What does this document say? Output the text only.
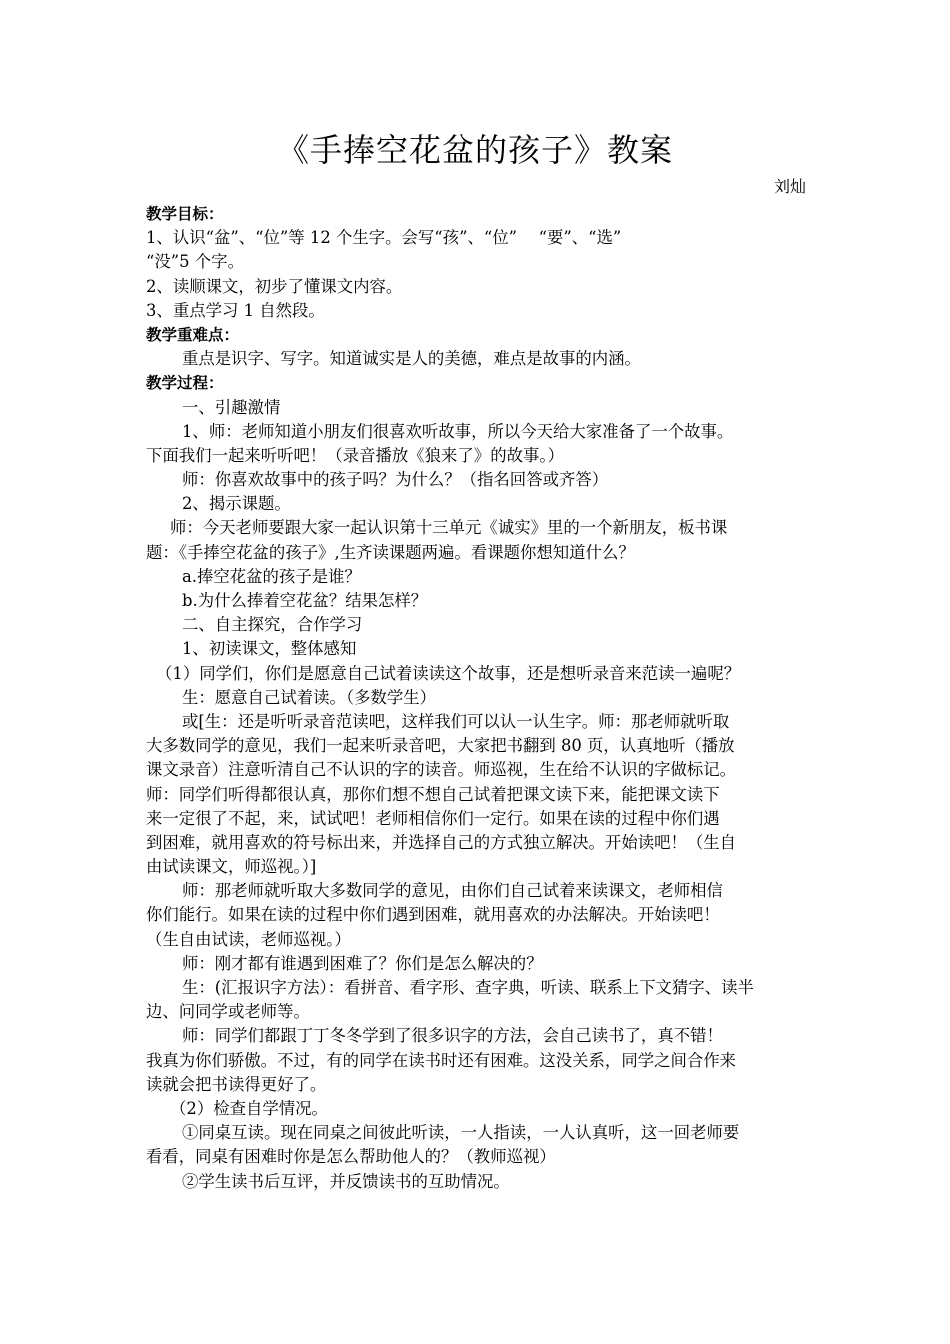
《手捧空花盆的孩子》教案
刘灿
教学目标：
1、认识“盆”、“位”等 12 个生字。会写“孩”、“位”　 “要”、“选”
“没”5 个字。
2、读顺课文，初步了懂课文内容。
3、重点学习 1 自然段。
教学重难点：
重点是识字、写字。知道诚实是人的美德，难点是故事的内涵。
教学过程：
一、引趣激情
1、师：老师知道小朋友们很喜欢听故事，所以今天给大家准备了一个故事。
下面我们一起来听听吧！（录音播放《狼来了》的故事。）
师：你喜欢故事中的孩子吗？为什么？（指名回答或齐答）
2、揭示课题。
师：今天老师要跟大家一起认识第十三单元《诚实》里的一个新朋友，板书课
题：《手捧空花盆的孩子》,生齐读课题两遍。看课题你想知道什么？
a.捧空花盆的孩子是谁？
b.为什么捧着空花盆？结果怎样？
二、自主探究，合作学习
1、初读课文，整体感知
（1）同学们，你们是愿意自己试着读读这个故事，还是想听录音来范读一遍呢？
生：愿意自己试着读。（多数学生）
或[生：还是听听录音范读吧，这样我们可以认一认生字。师：那老师就听取
大多数同学的意见，我们一起来听录音吧，大家把书翻到 80 页，认真地听（播放
课文录音）注意听清自己不认识的字的读音。师巡视，生在给不认识的字做标记。
师：同学们听得都很认真，那你们想不想自己试着把课文读下来，能把课文读下
来一定很了不起，来，试试吧！老师相信你们一定行。如果在读的过程中你们遇
到困难，就用喜欢的符号标出来，并选择自己的方式独立解决。开始读吧！（生自
由试读课文，师巡视。）]
师：那老师就听取大多数同学的意见，由你们自己试着来读课文，老师相信
你们能行。如果在读的过程中你们遇到困难，就用喜欢的办法解决。开始读吧！
（生自由试读，老师巡视。）
师：刚才都有谁遇到困难了？你们是怎么解决的？
生：(汇报识字方法）：看拼音、看字形、查字典，听读、联系上下文猜字、读半
边、问同学或老师等。
师：同学们都跟丁丁冬冬学到了很多识字的方法，会自己读书了，真不错！
我真为你们骄傲。不过，有的同学在读书时还有困难。这没关系，同学之间合作来
读就会把书读得更好了。
（2）检查自学情况。
①同桌互读。现在同桌之间彼此听读，一人指读，一人认真听，这一回老师要
看看，同桌有困难时你是怎么帮助他人的？（教师巡视）
②学生读书后互评，并反馈读书的互助情况。
